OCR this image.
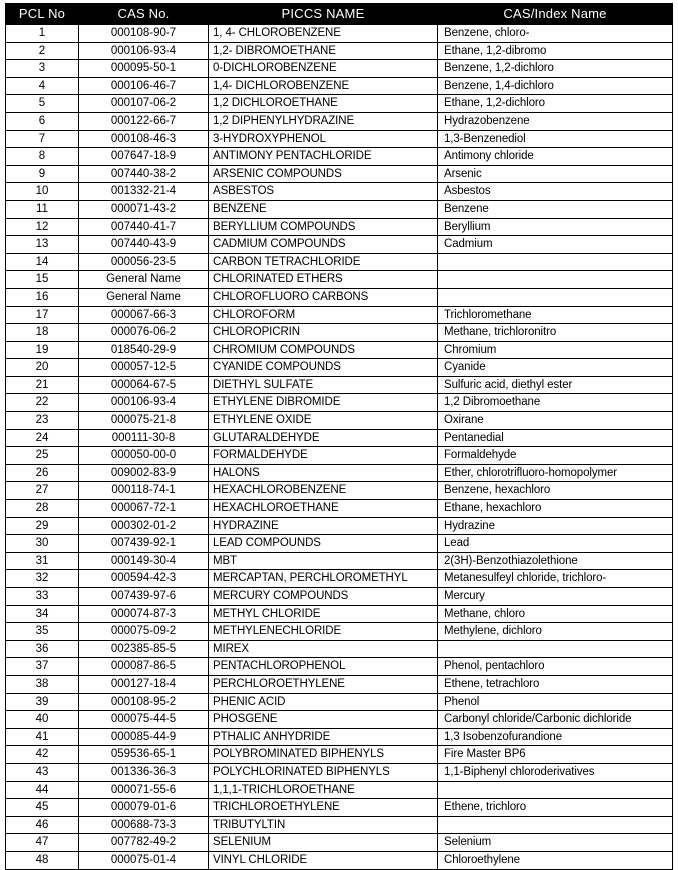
PCL No	CAS No.	PICCS NAME	CAS/Index Name
1	000108-90-7	1, 4- CHLOROBENZENE	Benzene, chloro-
2	000106-93-4	1,2- DIBROMOETHANE	Ethane, 1,2-dibromo
3	000095-50-1	0-DICHLOROBENZENE	Benzene, 1,2-dichloro
4	000106-46-7	1,4- DICHLOROBENZENE	Benzene, 1,4-dichloro
5	000107-06-2	1,2 DICHLOROETHANE	Ethane, 1,2-dichloro
6	000122-66-7	1,2 DIPHENYLHYDRAZINE	Hydrazobenzene
7	000108-46-3	3-HYDROXYPHENOL	1,3-Benzenediol
8	007647-18-9	ANTIMONY PENTACHLORIDE	Antimony chloride
9	007440-38-2	ARSENIC COMPOUNDS	Arsenic
10	001332-21-4	ASBESTOS	Asbestos
11	000071-43-2	BENZENE	Benzene
12	007440-41-7	BERYLLIUM COMPOUNDS	Beryllium
13	007440-43-9	CADMIUM COMPOUNDS	Cadmium
14	000056-23-5	CARBON TETRACHLORIDE	
15	General Name	CHLORINATED ETHERS	
16	General Name	CHLOROFLUORO CARBONS	
17	000067-66-3	CHLOROFORM	Trichloromethane
18	000076-06-2	CHLOROPICRIN	Methane, trichloronitro
19	018540-29-9	CHROMIUM COMPOUNDS	Chromium
20	000057-12-5	CYANIDE COMPOUNDS	Cyanide
21	000064-67-5	DIETHYL SULFATE	Sulfuric acid, diethyl ester
22	000106-93-4	ETHYLENE DIBROMIDE	1,2 Dibromoethane
23	000075-21-8	ETHYLENE OXIDE	Oxirane
24	000111-30-8	GLUTARALDEHYDE	Pentanedial
25	000050-00-0	FORMALDEHYDE	Formaldehyde
26	009002-83-9	HALONS	Ether, chlorotrifluoro-homopolymer
27	000118-74-1	HEXACHLOROBENZENE	Benzene, hexachloro
28	000067-72-1	HEXACHLOROETHANE	Ethane, hexachloro
29	000302-01-2	HYDRAZINE	Hydrazine
30	007439-92-1	LEAD COMPOUNDS	Lead
31	000149-30-4	MBT	2(3H)-Benzothiazolethione
32	000594-42-3	MERCAPTAN, PERCHLOROMETHYL	Metanesulfeyl chloride, trichloro-
33	007439-97-6	MERCURY COMPOUNDS	Mercury
34	000074-87-3	METHYL CHLORIDE	Methane, chloro
35	000075-09-2	METHYLENECHLORIDE	Methylene, dichloro
36	002385-85-5	MIREX	
37	000087-86-5	PENTACHLOROPHENOL	Phenol, pentachloro
38	000127-18-4	PERCHLOROETHYLENE	Ethene, tetrachloro
39	000108-95-2	PHENIC ACID	Phenol
40	000075-44-5	PHOSGENE	Carbonyl chloride/Carbonic dichloride
41	000085-44-9	PTHALIC ANHYDRIDE	1,3 Isobenzofurandione
42	059536-65-1	POLYBROMINATED BIPHENYLS	Fire Master BP6
43	001336-36-3	POLYCHLORINATED BIPHENYLS	1,1-Biphenyl chloroderivatives
44	000071-55-6	1,1,1-TRICHLOROETHANE	
45	000079-01-6	TRICHLOROETHYLENE	Ethene, trichloro
46	000688-73-3	TRIBUTYLTIN	
47	007782-49-2	SELENIUM	Selenium
48	000075-01-4	VINYL CHLORIDE	Chloroethylene
